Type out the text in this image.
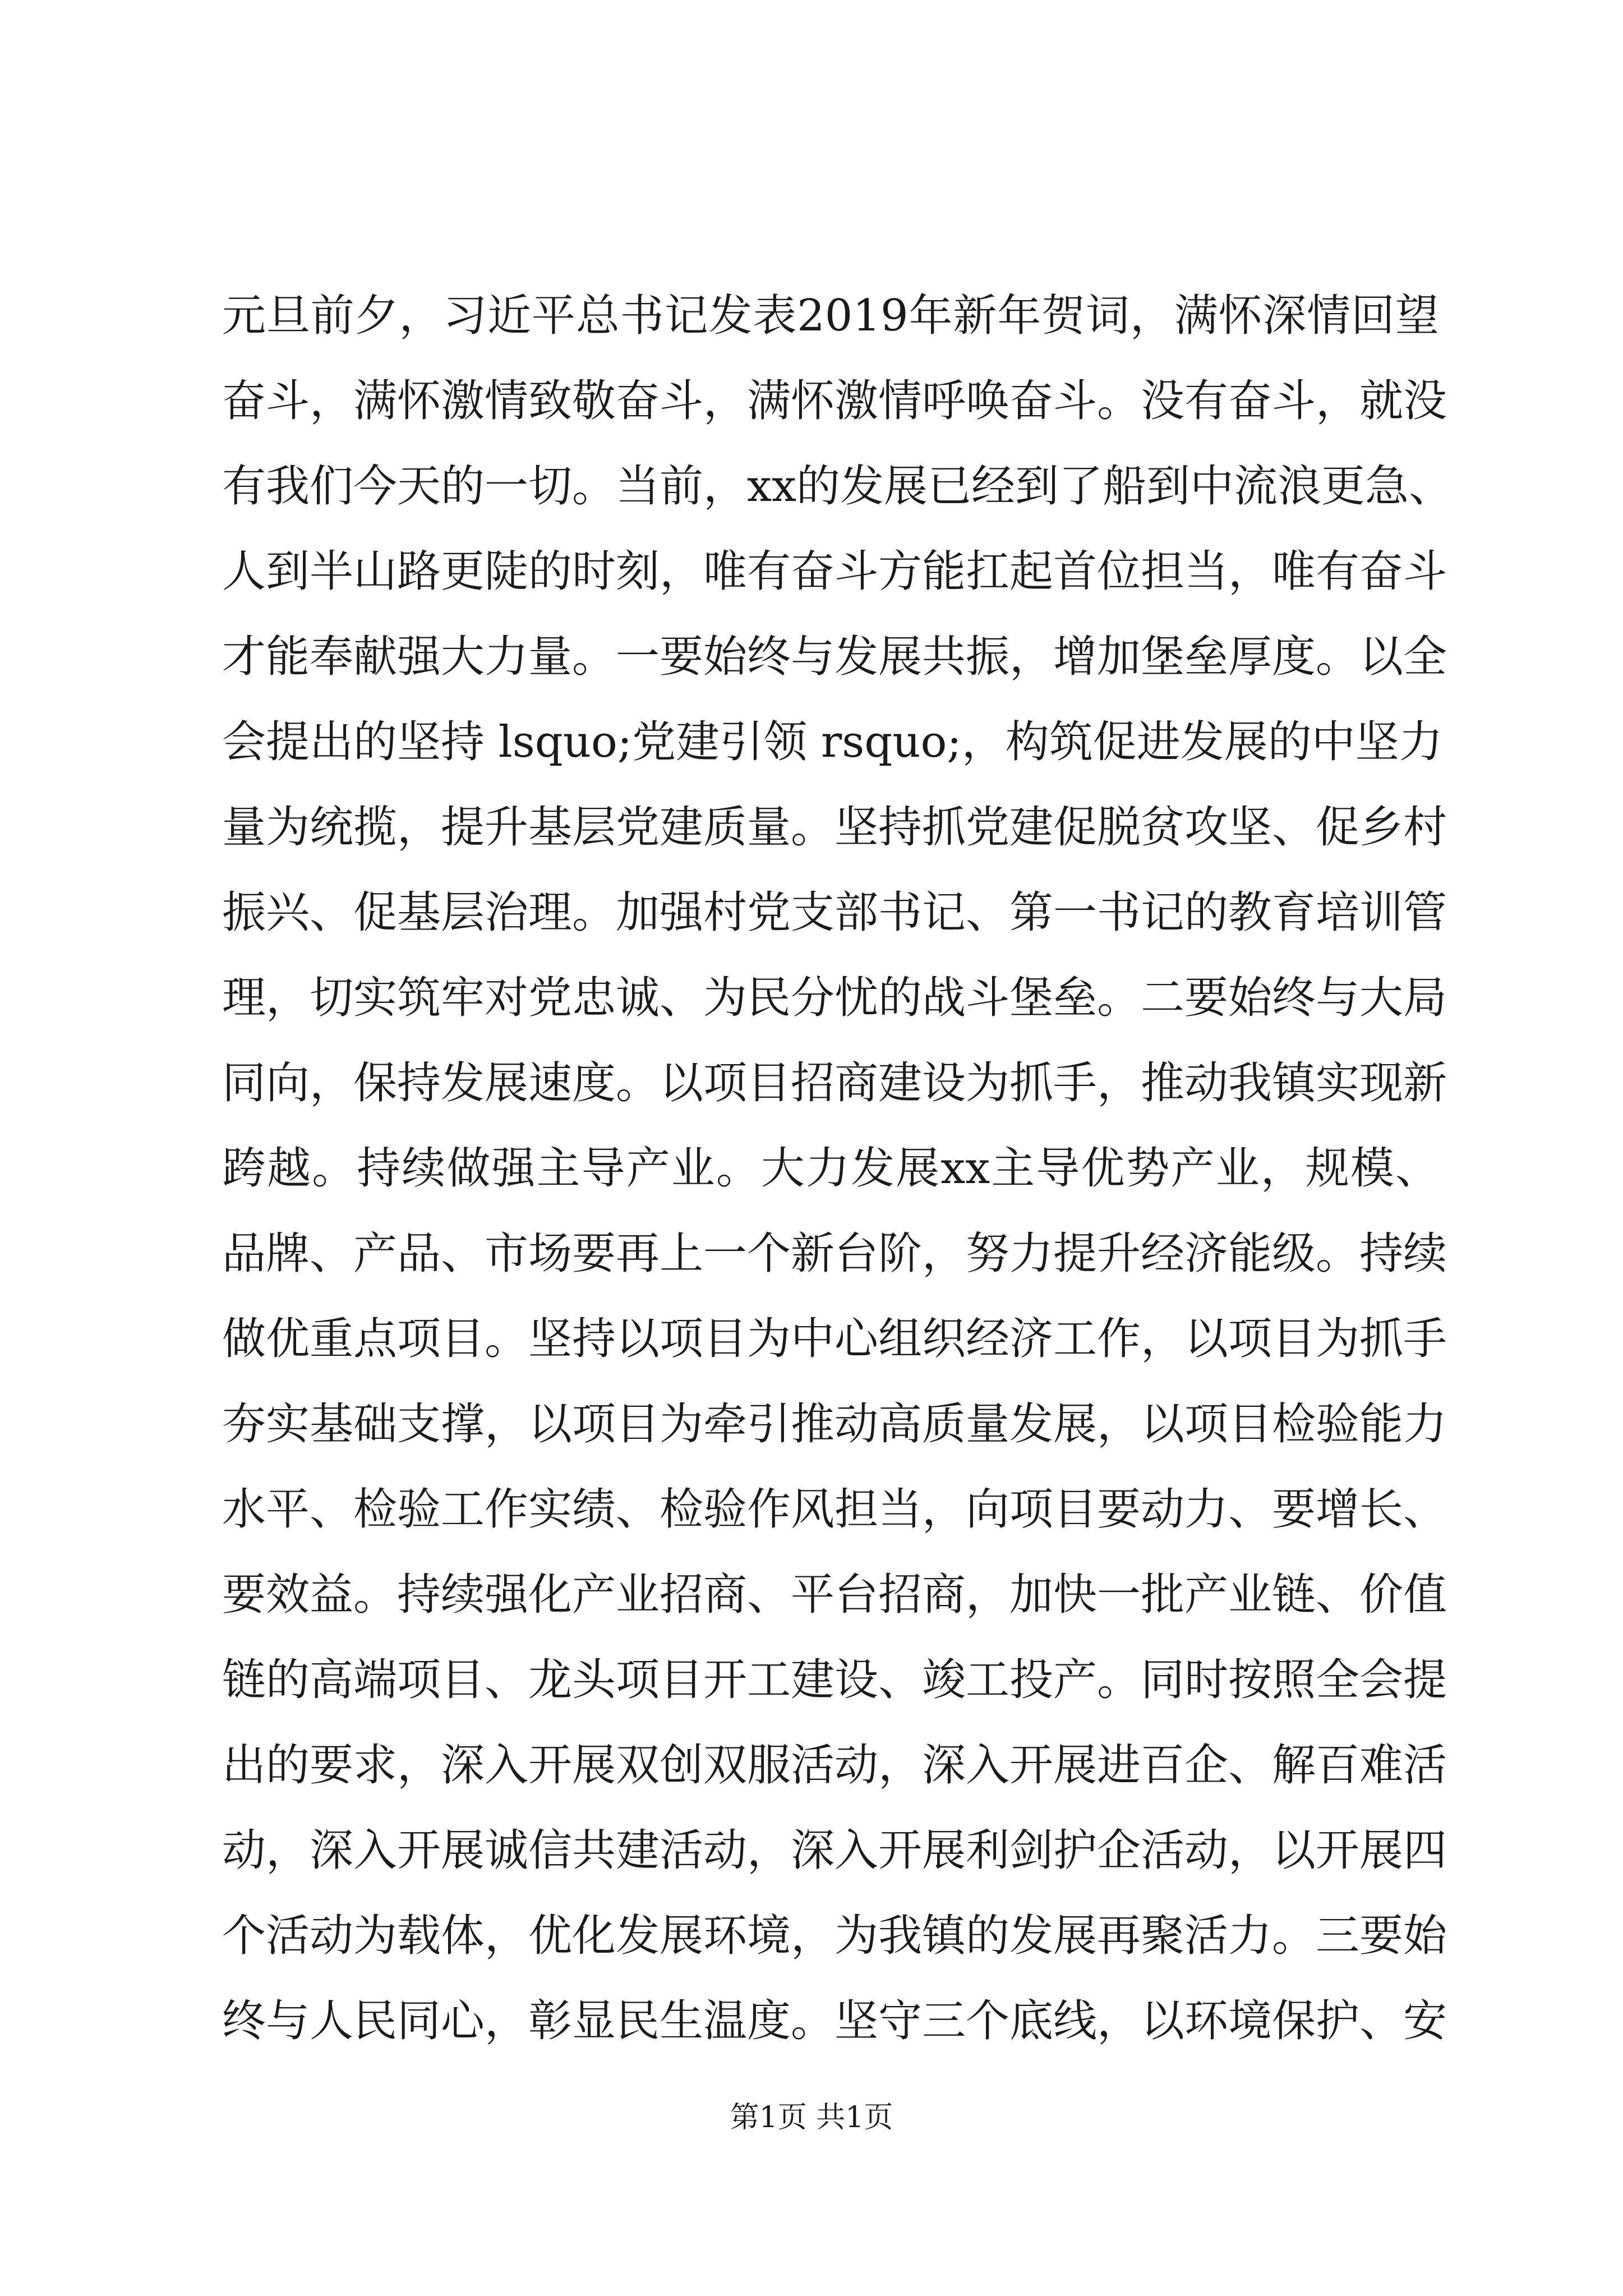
元旦前夕，习近平总书记发表2019年新年贺词，满怀深情回望
奋斗，满怀激情致敬奋斗，满怀激情呼唤奋斗。没有奋斗，就没
有我们今天的一切。当前，xx的发展已经到了船到中流浪更急、
人到半山路更陡的时刻，唯有奋斗方能扛起首位担当，唯有奋斗
才能奉献强大力量。一要始终与发展共振，增加堡垒厚度。以全
会提出的坚持 lsquo;党建引领 rsquo;，构筑促进发展的中坚力
量为统揽，提升基层党建质量。坚持抓党建促脱贫攻坚、促乡村
振兴、促基层治理。加强村党支部书记、第一书记的教育培训管
理，切实筑牢对党忠诚、为民分忧的战斗堡垒。二要始终与大局
同向，保持发展速度。以项目招商建设为抓手，推动我镇实现新
跨越。持续做强主导产业。大力发展xx主导优势产业，规模、
品牌、产品、市场要再上一个新台阶，努力提升经济能级。持续
做优重点项目。坚持以项目为中心组织经济工作，以项目为抓手
夯实基础支撑，以项目为牵引推动高质量发展，以项目检验能力
水平、检验工作实绩、检验作风担当，向项目要动力、要增长、
要效益。持续强化产业招商、平台招商，加快一批产业链、价值
链的高端项目、龙头项目开工建设、竣工投产。同时按照全会提
出的要求，深入开展双创双服活动，深入开展进百企、解百难活
动，深入开展诚信共建活动，深入开展利剑护企活动，以开展四
个活动为载体，优化发展环境，为我镇的发展再聚活力。三要始
终与人民同心，彰显民生温度。坚守三个底线，以环境保护、安
第1页 共1页
